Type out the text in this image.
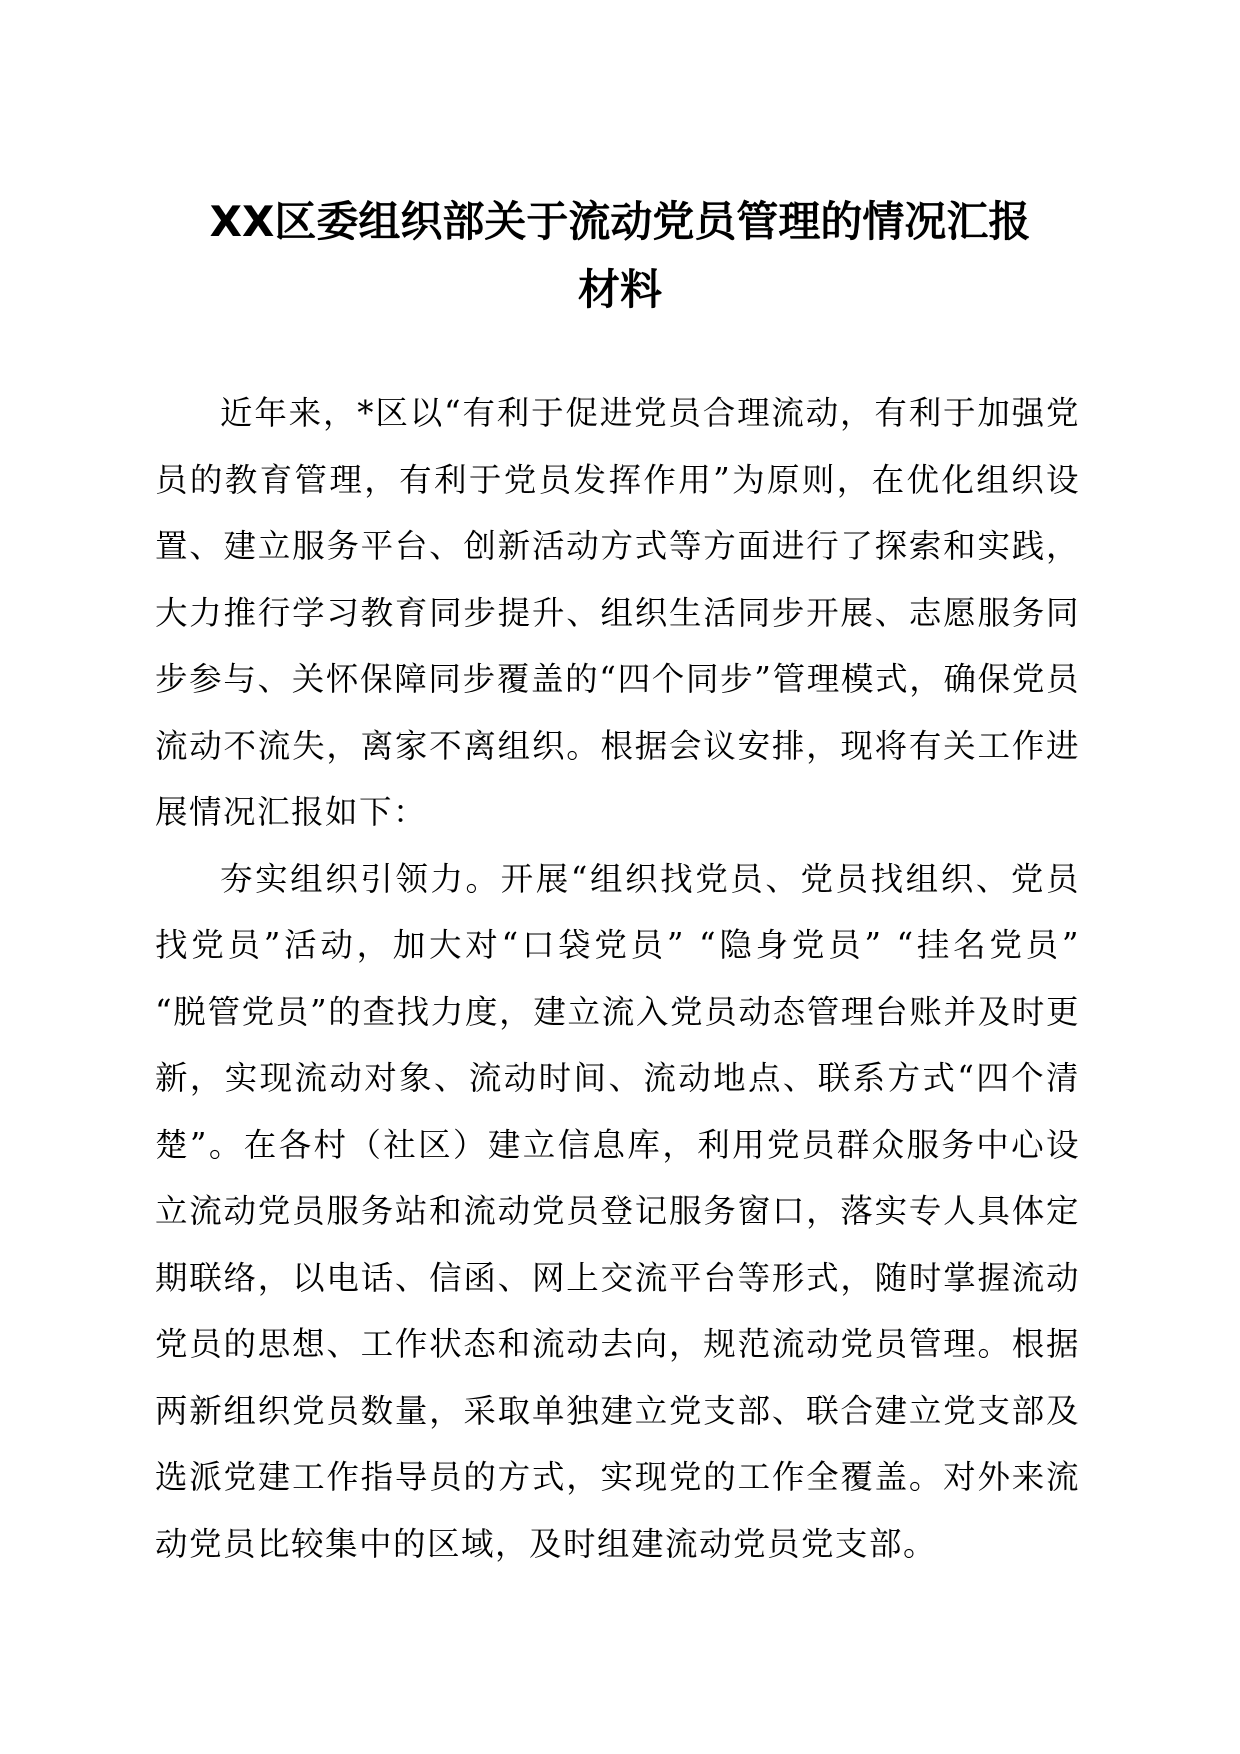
XX区委组织部关于流动党员管理的情况汇报
材料

近年来，*区以“有利于促进党员合理流动，有利于加强党员的教育管理，有利于党员发挥作用”为原则，在优化组织设置、建立服务平台、创新活动方式等方面进行了探索和实践，大力推行学习教育同步提升、组织生活同步开展、志愿服务同步参与、关怀保障同步覆盖的“四个同步”管理模式，确保党员流动不流失，离家不离组织。根据会议安排，现将有关工作进展情况汇报如下：

夯实组织引领力。开展“组织找党员、党员找组织、党员找党员”活动，加大对“口袋党员” “隐身党员” “挂名党员” “脱管党员”的查找力度，建立流入党员动态管理台账并及时更新，实现流动对象、流动时间、流动地点、联系方式“四个清楚”。在各村（社区）建立信息库，利用党员群众服务中心设立流动党员服务站和流动党员登记服务窗口，落实专人具体定期联络，以电话、信函、网上交流平台等形式，随时掌握流动党员的思想、工作状态和流动去向，规范流动党员管理。根据两新组织党员数量，采取单独建立党支部、联合建立党支部及选派党建工作指导员的方式，实现党的工作全覆盖。对外来流动党员比较集中的区域，及时组建流动党员党支部。
